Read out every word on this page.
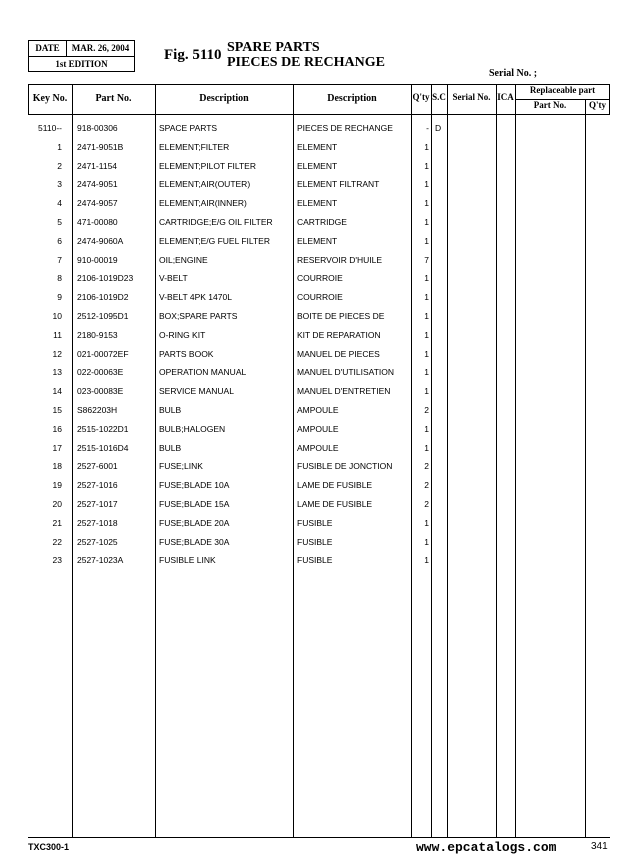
DATE	MAR. 26, 2004
1st EDITION
Fig. 5110 SPARE PARTS
PIECES DE RECHANGE
Serial No. ;
Key No.	Part No.	Description	Description	Q'ty S.C Serial No. ICA
Replaceable part
Part No.	Q'ty
5110-- 918-00306	SPACE PARTS	PIECES DE RECHANGE	- D
1 2471-9051B	ELEMENT;FILTER	ELEMENT	1
2 2471-1154	ELEMENT;PILOT FILTER	ELEMENT	1
3 2474-9051	ELEMENT;AIR(OUTER)	ELEMENT FILTRANT	1
4 2474-9057	ELEMENT;AIR(INNER)	ELEMENT	1
5 471-00080	CARTRIDGE;E/G OIL FILTER	CARTRIDGE	1
6 2474-9060A	ELEMENT;E/G FUEL FILTER	ELEMENT	1
7 910-00019	OIL;ENGINE	RESERVOIR D'HUILE	7
8 2106-1019D23	V-BELT	COURROIE	1
9 2106-1019D2	V-BELT 4PK 1470L	COURROIE	1
10 2512-1095D1	BOX;SPARE PARTS	BOITE DE PIECES DE	1
11 2180-9153	O-RING KIT	KIT DE REPARATION	1
12 021-00072EF	PARTS BOOK	MANUEL DE PIECES	1
13 022-00063E	OPERATION MANUAL	MANUEL D'UTILISATION	1
14 023-00083E	SERVICE MANUAL	MANUEL D'ENTRETIEN	1
15 S862203H	BULB	AMPOULE	2
16 2515-1022D1	BULB;HALOGEN	AMPOULE	1
17 2515-1016D4	BULB	AMPOULE	1
18 2527-6001	FUSE;LINK	FUSIBLE DE JONCTION	2
19 2527-1016	FUSE;BLADE 10A	LAME DE FUSIBLE	2
20 2527-1017	FUSE;BLADE 15A	LAME DE FUSIBLE	2
21 2527-1018	FUSE;BLADE 20A	FUSIBLE	1
22 2527-1025	FUSE;BLADE 30A	FUSIBLE	1
23 2527-1023A	FUSIBLE LINK	FUSIBLE	1
TXC300-1	www.epcatalogs.com	341
